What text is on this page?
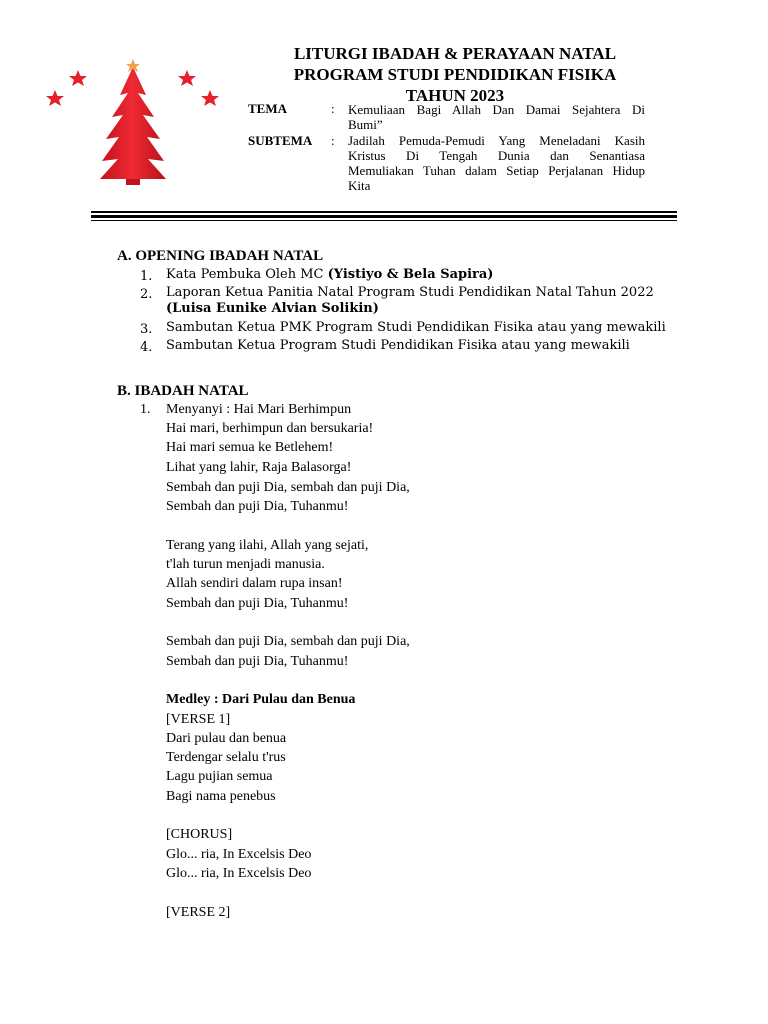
LITURGI IBADAH & PERAYAAN NATAL
PROGRAM STUDI PENDIDIKAN FISIKA
TAHUN 2023
TEMA	: Kemuliaan Bagi Allah Dan Damai Sejahtera Di
Bumi”
SUBTEMA : Jadilah Pemuda-Pemudi Yang Meneladani Kasih
Kristus Di Tengah Dunia dan Senantiasa
Memuliakan Tuhan dalam Setiap Perjalanan Hidup
Kita
A. OPENING IBADAH NATAL
1. Kata Pembuka Oleh MC (Yistiyo & Bela Sapira)
2. Laporan Ketua Panitia Natal Program Studi Pendidikan Natal Tahun 2022
(Luisa Eunike Alvian Solikin)
3. Sambutan Ketua PMK Program Studi Pendidikan Fisika atau yang mewakili
4. Sambutan Ketua Program Studi Pendidikan Fisika atau yang mewakili
B. IBADAH NATAL
1. Menyanyi : Hai Mari Berhimpun
Hai mari, berhimpun dan bersukaria!
Hai mari semua ke Betlehem!
Lihat yang lahir, Raja Balasorga!
Sembah dan puji Dia, sembah dan puji Dia,
Sembah dan puji Dia, Tuhanmu!
Terang yang ilahi, Allah yang sejati,
t'lah turun menjadi manusia.
Allah sendiri dalam rupa insan!
Sembah dan puji Dia, Tuhanmu!
Sembah dan puji Dia, sembah dan puji Dia,
Sembah dan puji Dia, Tuhanmu!
Medley : Dari Pulau dan Benua
[VERSE 1]
Dari pulau dan benua
Terdengar selalu t'rus
Lagu pujian semua
Bagi nama penebus
[CHORUS]
Glo... ria, In Excelsis Deo
Glo... ria, In Excelsis Deo
[VERSE 2]
